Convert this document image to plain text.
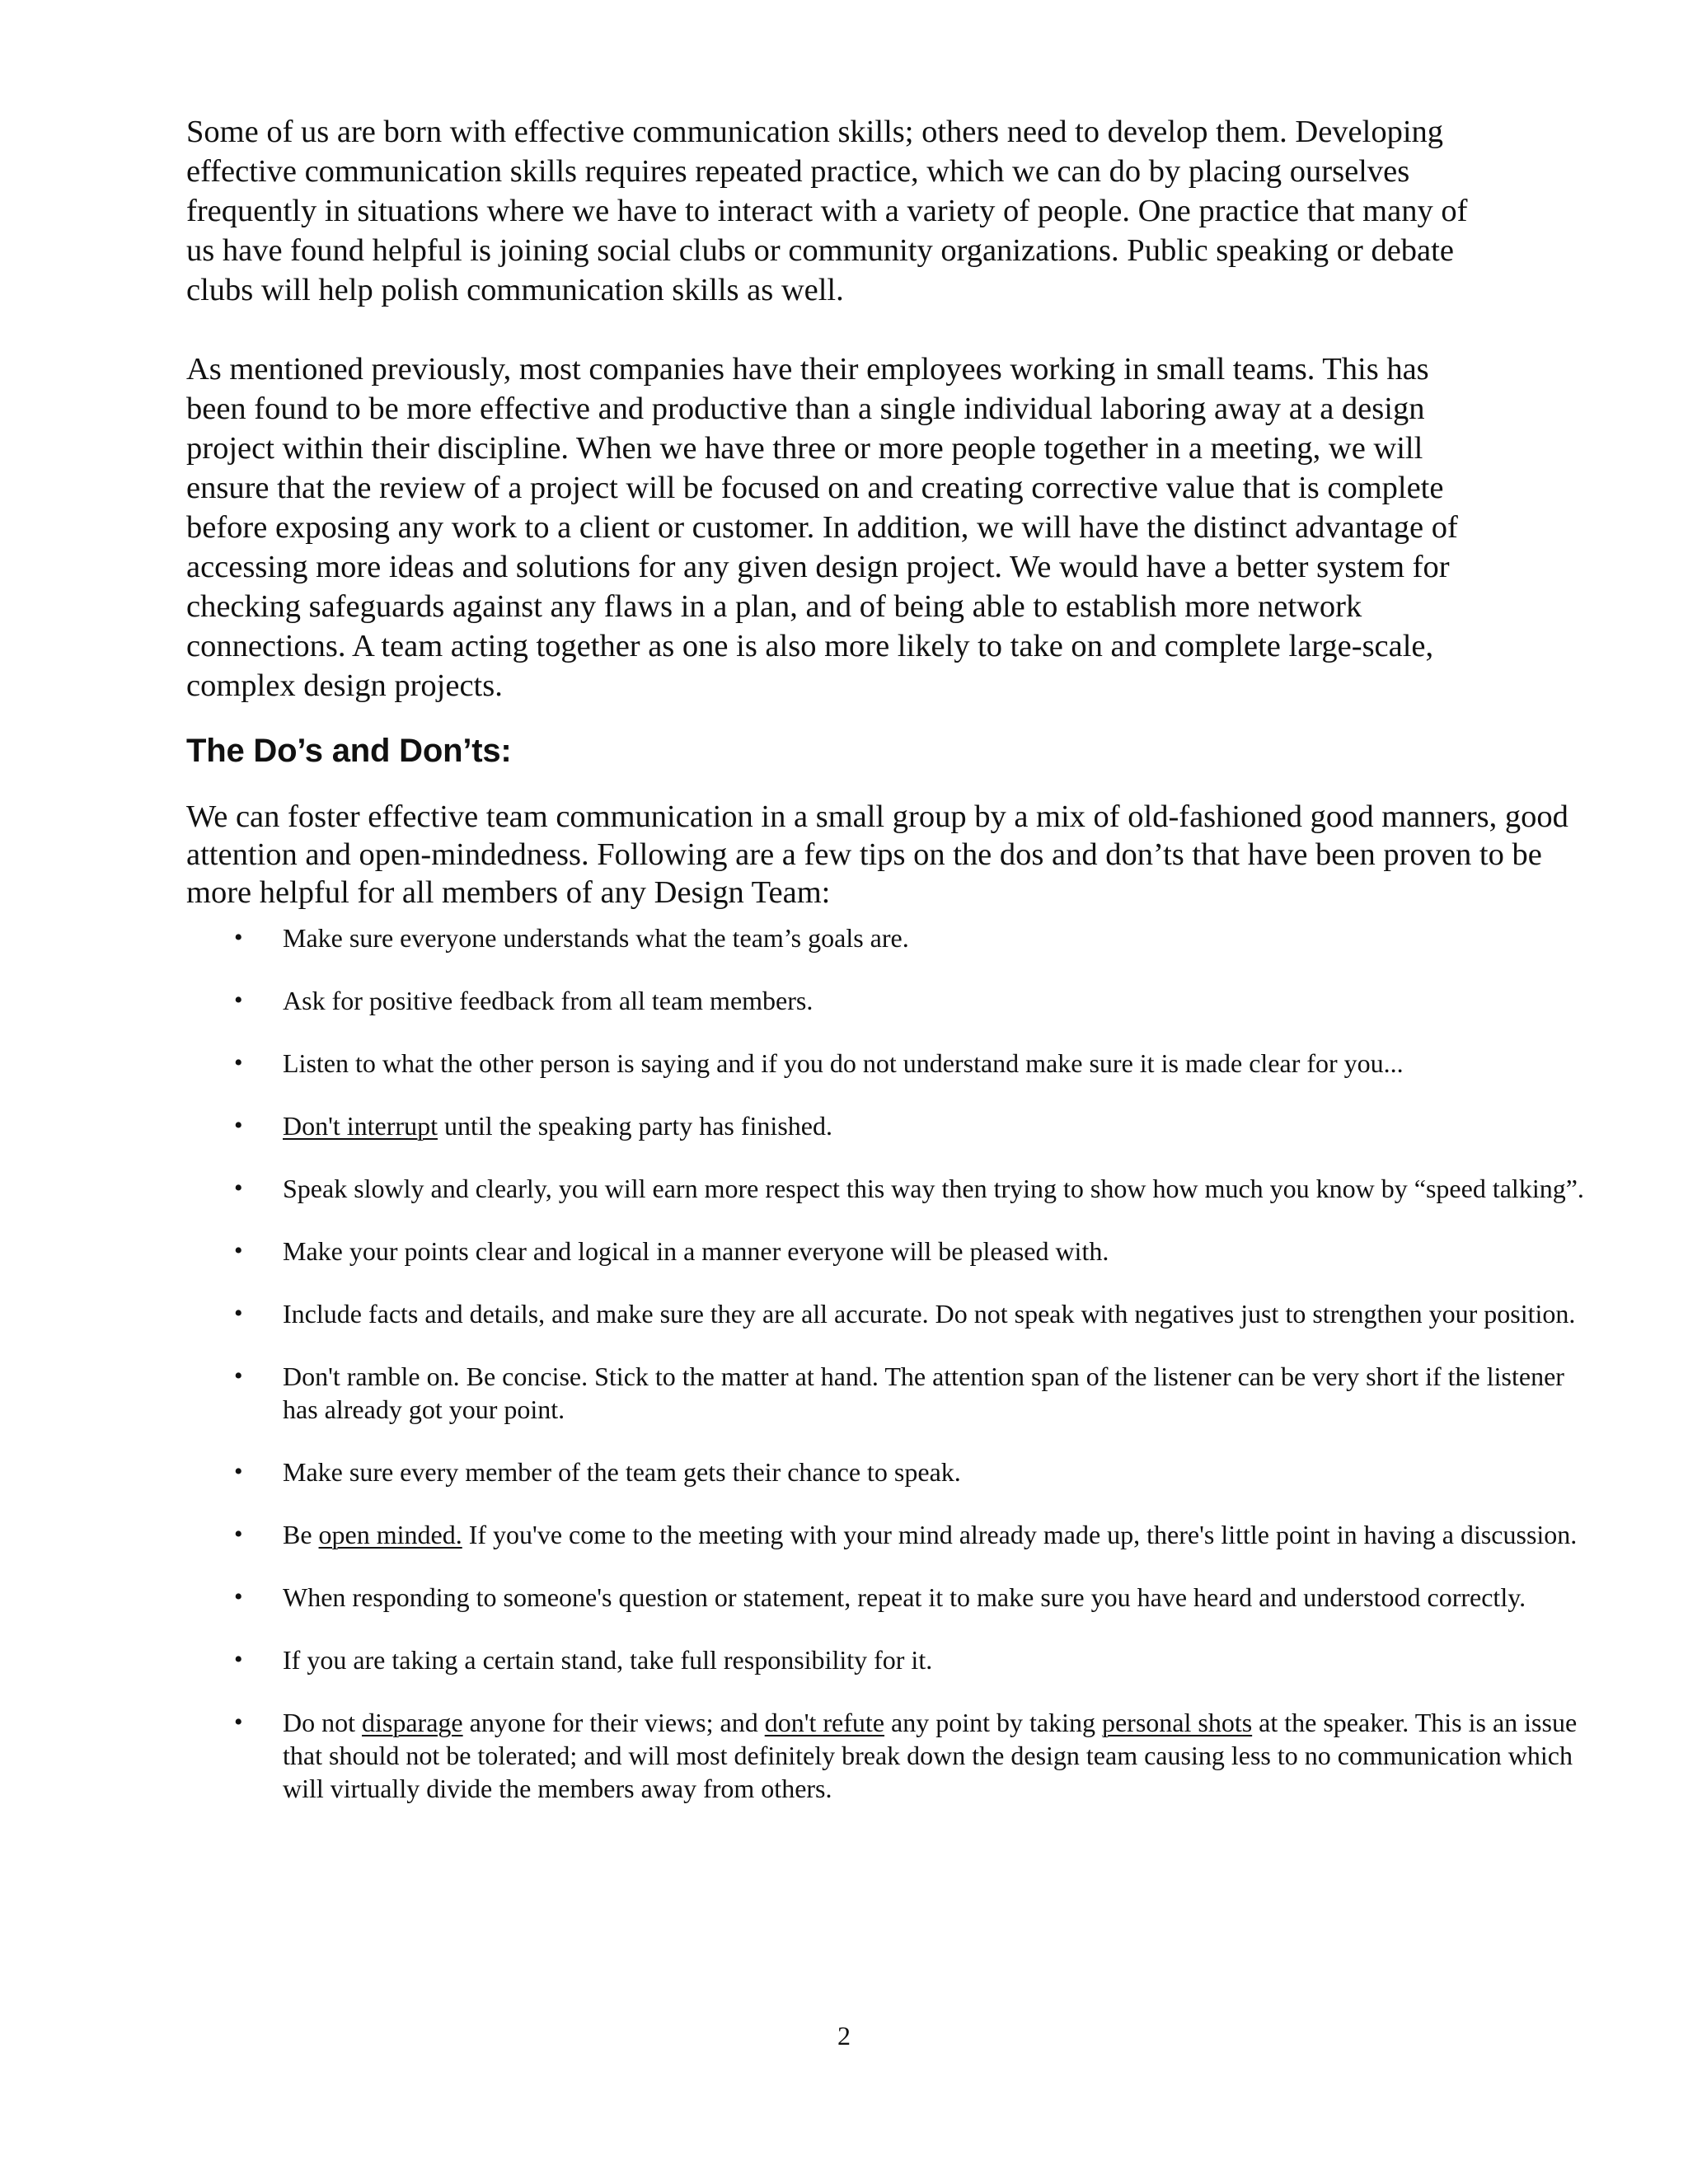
Some of us are born with effective communication skills; others need to develop them. Developing effective communication skills requires repeated practice, which we can do by placing ourselves frequently in situations where we have to interact with a variety of people. One practice that many of us have found helpful is joining social clubs or community organizations. Public speaking or debate clubs will help polish communication skills as well.

As mentioned previously, most companies have their employees working in small teams. This has been found to be more effective and productive than a single individual laboring away at a design project within their discipline. When we have three or more people together in a meeting, we will ensure that the review of a project will be focused on and creating corrective value that is complete before exposing any work to a client or customer. In addition, we will have the distinct advantage of accessing more ideas and solutions for any given design project. We would have a better system for checking safeguards against any flaws in a plan, and of being able to establish more network connections. A team acting together as one is also more likely to take on and complete large-scale, complex design projects.

The Do’s and Don’ts:

We can foster effective team communication in a small group by a mix of old-fashioned good manners, good attention and open-mindedness. Following are a few tips on the dos and don’ts that have been proven to be more helpful for all members of any Design Team:

• Make sure everyone understands what the team’s goals are.
• Ask for positive feedback from all team members.
• Listen to what the other person is saying and if you do not understand make sure it is made clear for you...
• Don't interrupt until the speaking party has finished.
• Speak slowly and clearly, you will earn more respect this way then trying to show how much you know by “speed talking”.
• Make your points clear and logical in a manner everyone will be pleased with.
• Include facts and details, and make sure they are all accurate. Do not speak with negatives just to strengthen your position.
• Don't ramble on. Be concise. Stick to the matter at hand. The attention span of the listener can be very short if the listener has already got your point.
• Make sure every member of the team gets their chance to speak.
• Be open minded. If you've come to the meeting with your mind already made up, there's little point in having a discussion.
• When responding to someone's question or statement, repeat it to make sure you have heard and understood correctly.
• If you are taking a certain stand, take full responsibility for it.
• Do not disparage anyone for their views; and don't refute any point by taking personal shots at the speaker. This is an issue that should not be tolerated; and will most definitely break down the design team causing less to no communication which will virtually divide the members away from others.
2
